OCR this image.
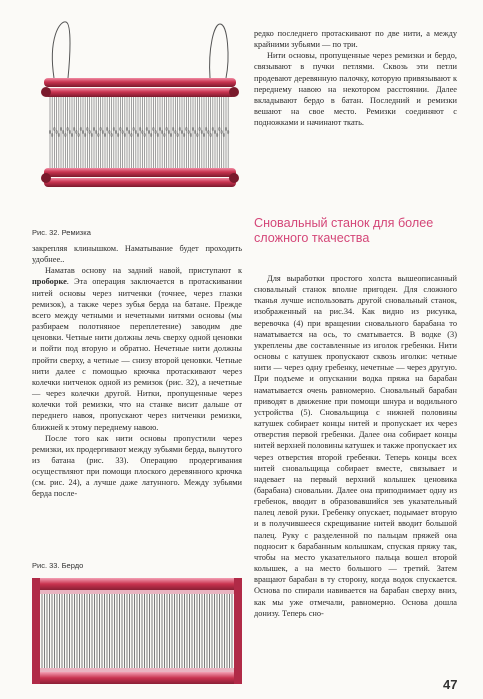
Рис. 32. Ремизка

закрепляя клинышком. Наматывание будет проходить удобнее..

Наматав основу на задний навой, приступают к проборке. Эта операция заключается в протаскивании нитей основы через нитченки (точнее, через глазки ремизок), а также через зубья берда на батане. Прежде всего между четными и нечетными нитями основы (мы разбираем полотняное переплетение) заводим две ценовки. Четные нити должны лечь сверху одной ценовки и пойти под вторую и обратно. Нечетные нити должны пройти сверху, а четные — снизу второй ценовки. Четные нити далее с помощью крючка протаскивают через колечки нитченок одной из ремизок (рис. 32), а нечетные — через колечки другой. Нитки, пропущенные через колечки той ремизки, что на станке висит дальше от переднего навоя, пропускают через нитченки ремизки, ближней к этому переднему навою.

После того как нити основы пропустили через ремизки, их продергивают между зубьями берда, вынутого из батана (рис. 33). Операцию продергивания осуществляют при помощи плоского деревянного крючка (см. рис. 24), а лучше даже латунного. Между зубьями берда после-

Рис. 33. Бердо

редко последнего протаскивают по две нити, а между крайними зубьями — по три.

Нити основы, пропущенные через ремизки и бердо, связывают в пучки петлями. Сквозь эти петли продевают деревянную палочку, которую привязывают к переднему навою на некотором расстоянии. Далее вкладывают бердо в батан. Последний и ремизки вешают на свое место. Ремизки соединяют с подножками и начинают ткать.

Сновальный станок для более сложного ткачества

Для выработки простого холста вышеописанный сновальный станок вполне пригоден. Для сложного тканья лучше использовать другой сновальный станок, изображенный на рис.34. Как видно из рисунка, веревочка (4) при вращении сновального барабана то наматывается на ось, то сматывается. В водке (3) укреплены две составленные из иголок гребенки. Нити основы с катушек пропускают сквозь иголки: четные нити — через одну гребенку, нечетные — через другую. При подъеме и опускании водка пряжа на барабан наматывается очень равномерно. Сновальный барабан приводят в движение при помощи шнура и водильного устройства (5). Сновальщица с нижней половины катушек собирает концы нитей и пропускает их через отверстия первой гребенки. Далее она собирает концы нитей верхней половины катушек и также пропускает их через отверстия второй гребенки. Теперь концы всех нитей сновальщица собирает вместе, связывает и надевает на первый верхний колышек ценовика (барабана) сновальни. Далее она приподнимает одну из гребенок, вводит в образовавшийся зев указательный палец левой руки. Гребенку опускает, подымает вторую и в получившееся скрещивание нитей вводит большой палец. Руку с разделенной по пальцам пряжей она подносит к барабанным колышкам, спуская пряжу так, чтобы на место указательного пальца вошел второй колышек, а на место большого — третий. Затем вращают барабан в ту сторону, когда водок спускается. Основа по спирали навивается на барабан сверху вниз, как мы уже отмечали, равномерно. Основа дошла донизу. Теперь сно-

47
